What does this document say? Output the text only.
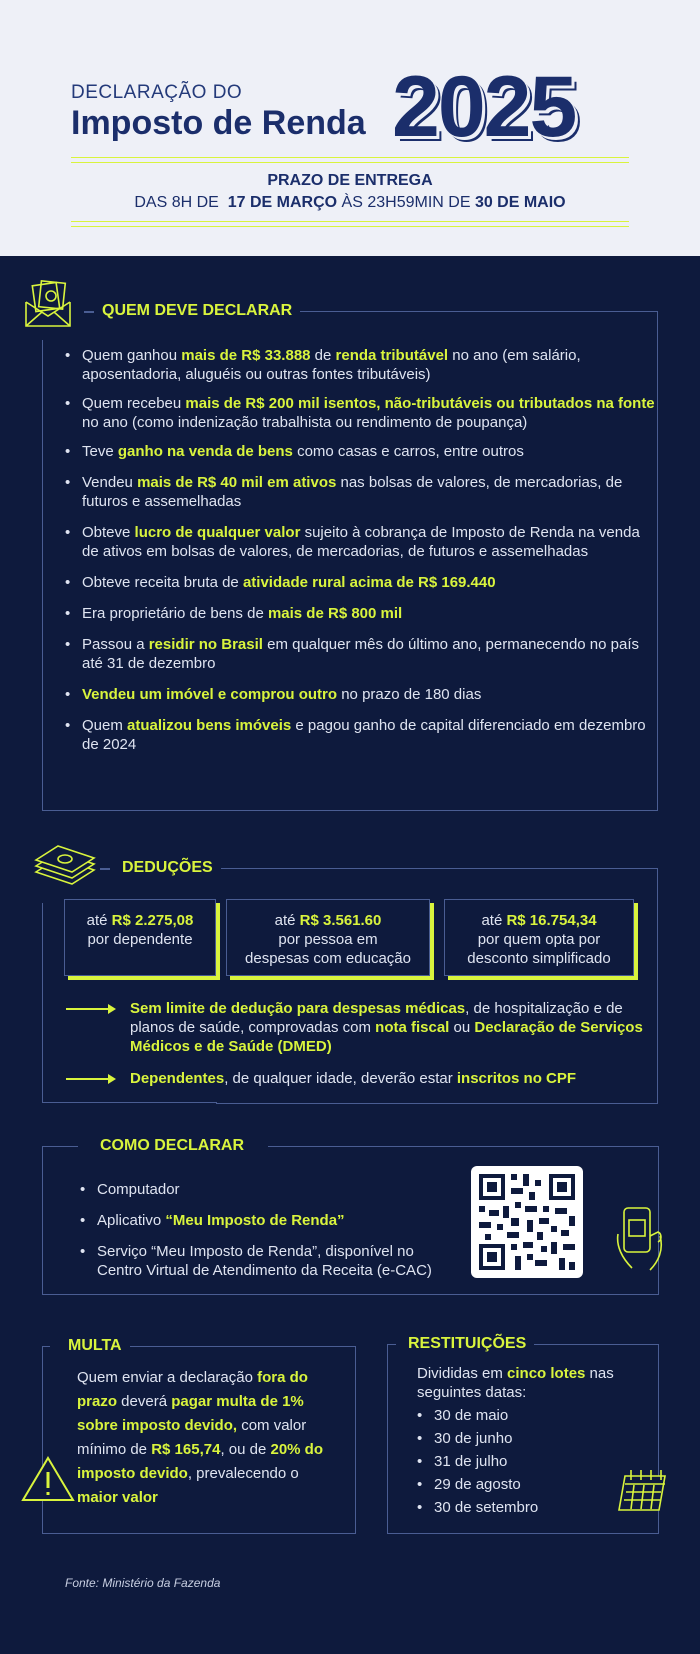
DECLARAÇÃO DO
Imposto de Renda 2025
PRAZO DE ENTREGA
DAS 8H DE 17 DE MARÇO ÀS 23H59MIN DE 30 DE MAIO
QUEM DEVE DECLARAR
• Quem ganhou mais de R$ 33.888 de renda tributável no ano (em salário, aposentadoria, aluguéis ou outras fontes tributáveis)
• Quem recebeu mais de R$ 200 mil isentos, não-tributáveis ou tributados na fonte no ano (como indenização trabalhista ou rendimento de poupança)
• Teve ganho na venda de bens como casas e carros, entre outros
• Vendeu mais de R$ 40 mil em ativos nas bolsas de valores, de mercadorias, de futuros e assemelhadas
• Obteve lucro de qualquer valor sujeito à cobrança de Imposto de Renda na venda de ativos em bolsas de valores, de mercadorias, de futuros e assemelhadas
• Obteve receita bruta de atividade rural acima de R$ 169.440
• Era proprietário de bens de mais de R$ 800 mil
• Passou a residir no Brasil em qualquer mês do último ano, permanecendo no país até 31 de dezembro
• Vendeu um imóvel e comprou outro no prazo de 180 dias
• Quem atualizou bens imóveis e pagou ganho de capital diferenciado em dezembro de 2024
DEDUÇÕES
até R$ 2.275,08
por dependente
até R$ 3.561.60
por pessoa em
despesas com educação
até R$ 16.754,34
por quem opta por
desconto simplificado
Sem limite de dedução para despesas médicas, de hospitalização e de planos de saúde, comprovadas com nota fiscal ou Declaração de Serviços Médicos e de Saúde (DMED)
Dependentes, de qualquer idade, deverão estar inscritos no CPF
COMO DECLARAR
• Computador
• Aplicativo “Meu Imposto de Renda”
• Serviço “Meu Imposto de Renda”, disponível no Centro Virtual de Atendimento da Receita (e-CAC)
MULTA
Quem enviar a declaração fora do prazo deverá pagar multa de 1% sobre imposto devido, com valor mínimo de R$ 165,74, ou de 20% do imposto devido, prevalecendo o maior valor
RESTITUIÇÕES
Divididas em cinco lotes nas seguintes datas:
• 30 de maio
• 30 de junho
• 31 de julho
• 29 de agosto
• 30 de setembro
Fonte: Ministério da Fazenda
